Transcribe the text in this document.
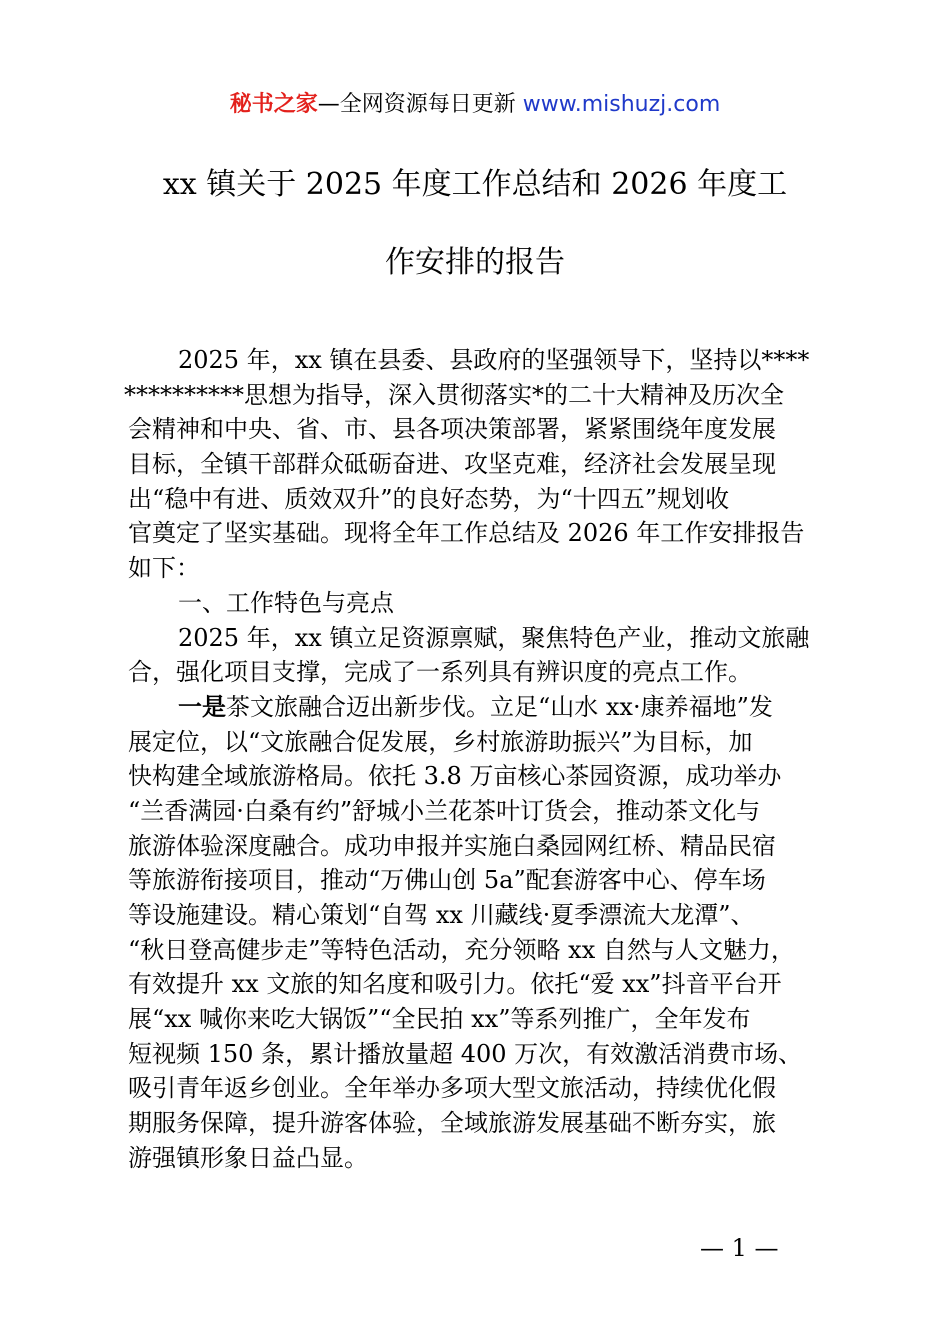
秘书之家—全网资源每日更新 www.mishuzj.com
xx 镇关于 2025 年度工作总结和 2026 年度工
作安排的报告
2025 年，xx 镇在县委、县政府的坚强领导下，坚持以****
**********思想为指导，深入贯彻落实*的二十大精神及历次全
会精神和中央、省、市、县各项决策部署，紧紧围绕年度发展
目标，全镇干部群众砥砺奋进、攻坚克难，经济社会发展呈现
出“稳中有进、质效双升”的良好态势，为“十四五”规划收
官奠定了坚实基础。现将全年工作总结及 2026 年工作安排报告
如下：
一、工作特色与亮点
2025 年，xx 镇立足资源禀赋，聚焦特色产业，推动文旅融
合，强化项目支撑，完成了一系列具有辨识度的亮点工作。
一是茶文旅融合迈出新步伐。立足“山水 xx·康养福地”发
展定位，以“文旅融合促发展，乡村旅游助振兴”为目标，加
快构建全域旅游格局。依托 3.8 万亩核心茶园资源，成功举办
“兰香满园·白桑有约”舒城小兰花茶叶订货会，推动茶文化与
旅游体验深度融合。成功申报并实施白桑园网红桥、精品民宿
等旅游衔接项目，推动“万佛山创 5a”配套游客中心、停车场
等设施建设。精心策划“自驾 xx 川藏线·夏季漂流大龙潭”、
“秋日登高健步走”等特色活动，充分领略 xx 自然与人文魅力，
有效提升 xx 文旅的知名度和吸引力。依托“爱 xx”抖音平台开
展“xx 喊你来吃大锅饭”“全民拍 xx”等系列推广，全年发布
短视频 150 条，累计播放量超 400 万次，有效激活消费市场、
吸引青年返乡创业。全年举办多项大型文旅活动，持续优化假
期服务保障，提升游客体验，全域旅游发展基础不断夯实，旅
游强镇形象日益凸显。
— 1 —
